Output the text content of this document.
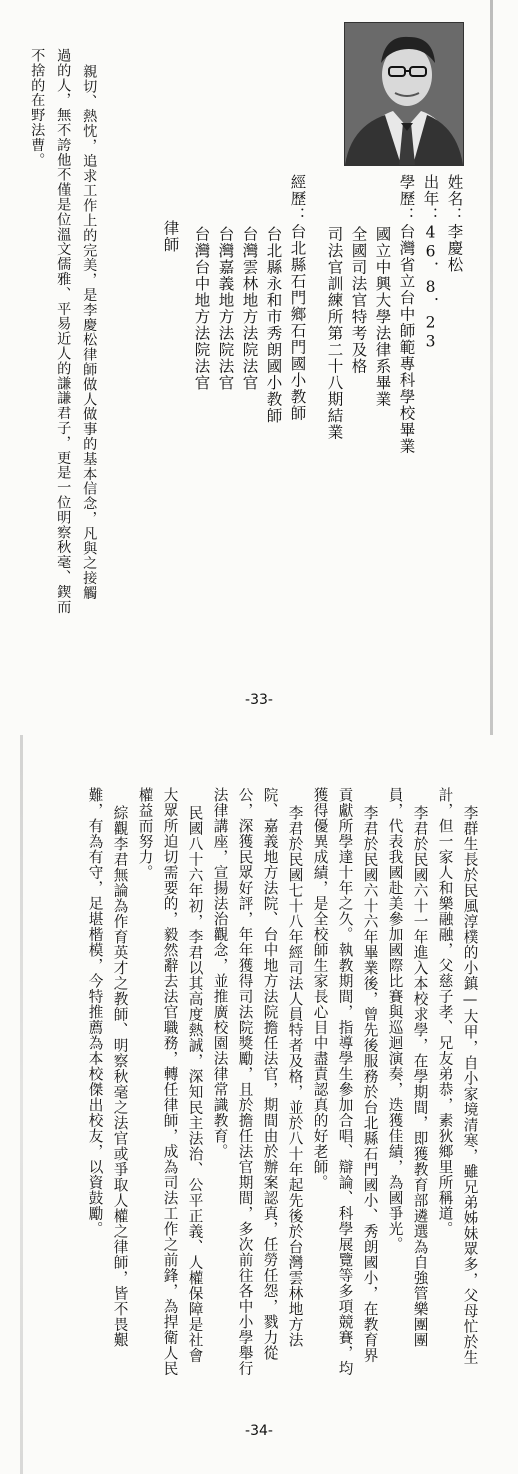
姓名：李慶松
出年：46．8．23
學歷：台灣省立台中師範專科學校畢業
國立中興大學法律系畢業
全國司法官特考及格
司法官訓練所第二十八期結業
經歷：台北縣石門鄉石門國小教師
台北縣永和市秀朗國小教師
台灣雲林地方法院法官
台灣嘉義地方法院法官
台灣台中地方法院法官
律師
親切、熱忱，追求工作上的完美，是李慶松律師做人做事的基本信念，凡與之接觸
過的人，無不誇他不僅是位溫文儒雅、平易近人的謙謙君子，更是一位明察秋毫、鍥而
不捨的在野法曹。
-33-
李群生長於民風淳樸的小鎮—大甲，自小家境清寒，雖兄弟姊妹眾多，父母忙於生
計，但一家人和樂融融，父慈子孝、兄友弟恭，素狄鄉里所稱道。
李君於民國六十一年進入本校求學，在學期間，即獲教育部遴選為自強管樂團團
員，代表我國赴美參加國際比賽與巡迴演奏，迭獲佳績，為國爭光。
李君於民國六十六年畢業後，曾先後服務於台北縣石門國小、秀朗國小，在教育界
貢獻所學達十年之久。執教期間，指導學生參加合唱、辯論、科學展覽等多項競賽，均
獲得優異成績，是全校師生家長心目中盡責認真的好老師。
李君於民國七十八年經司法人員特者及格，並於八十年起先後於台灣雲林地方法
院、嘉義地方法院、台中地方法院擔任法官，期間由於辦案認真，任勞任怨，戮力從
公，深獲民眾好評，年年獲得司法院獎勵，且於擔任法官期間，多次前往各中小學舉行
法律講座，宣揚法治觀念，並推廣校園法律常識教育。
民國八十六年初，李君以其高度熱誠，深知民主法治、公平正義、人權保障是社會
大眾所迫切需要的，毅然辭去法官職務，轉任律師，成為司法工作之前鋒，為捍衛人民
權益而努力。
綜觀李君無論為作育英才之教師、明察秋毫之法官或爭取人權之律師，皆不畏艱
難，有為有守，足堪楷模，今特推薦為本校傑出校友，以資鼓勵。
-34-
